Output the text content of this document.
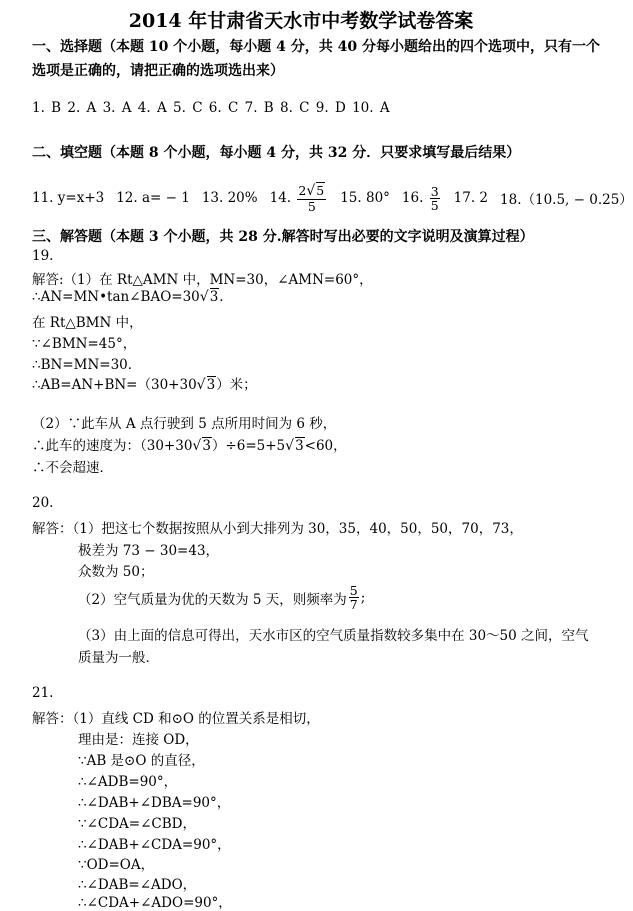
2014 年甘肃省天水市中考数学试卷答案
一、选择题（本题 10 个小题，每小题 4 分，共 40 分每小题给出的四个选项中，只有一个
选项是正确的，请把正确的选项选出来）
1. B 2. A 3. A 4. A 5. C 6. C 7. B 8. C 9. D 10. A
二、填空题（本题 8 个小题，每小题 4 分，共 32 分．只要求填写最后结果）
11. y=x+3 12. a= − 1 13. 20% 14. $\frac{2√5}{5} 15$. 80° 16. $\frac{3}{5} 17$. 2 18.（10.5, − 0.25）
三、解答题（本题 3 个小题，共 28 分.解答时写出必要的文字说明及演算过程）
19.
解答:（1）在 Rt△AMN 中，MN=30，∠AMN=60°，
∴AN=MN•tan∠BAO=30√3.
在 Rt△BMN 中，
∵∠BMN=45°，
∴BN=MN=30．
∴AB=AN+BN=（30+30√3）米；
（2）∵此车从 A 点行驶到 5 点所用时间为 6 秒，
∴此车的速度为：（30+30√3）÷6=5+5√3<60，
∴不会超速．
20.
解答：（1）把这七个数据按照从小到大排列为 30，35，40，50，50，70，73，
极差为 73 − 30=43，
众数为 50；
（2）空气质量为优的天数为 5 天，则频率为 $\frac{5}{7}$ ;
（3）由上面的信息可得出，天水市区的空气质量指数较多集中在 30～50 之间，空气
质量为一般．
21.
解答：（1）直线 CD 和⊙O 的位置关系是相切，
理由是：连接 OD，
∵AB 是⊙O 的直径，
∴∠ADB=90°，
∴∠DAB+∠DBA=90°，
∵∠CDA=∠CBD，
∴∠DAB+∠CDA=90°，
∵OD=OA，
∴∠DAB=∠ADO，
∴∠CDA+∠ADO=90°，
